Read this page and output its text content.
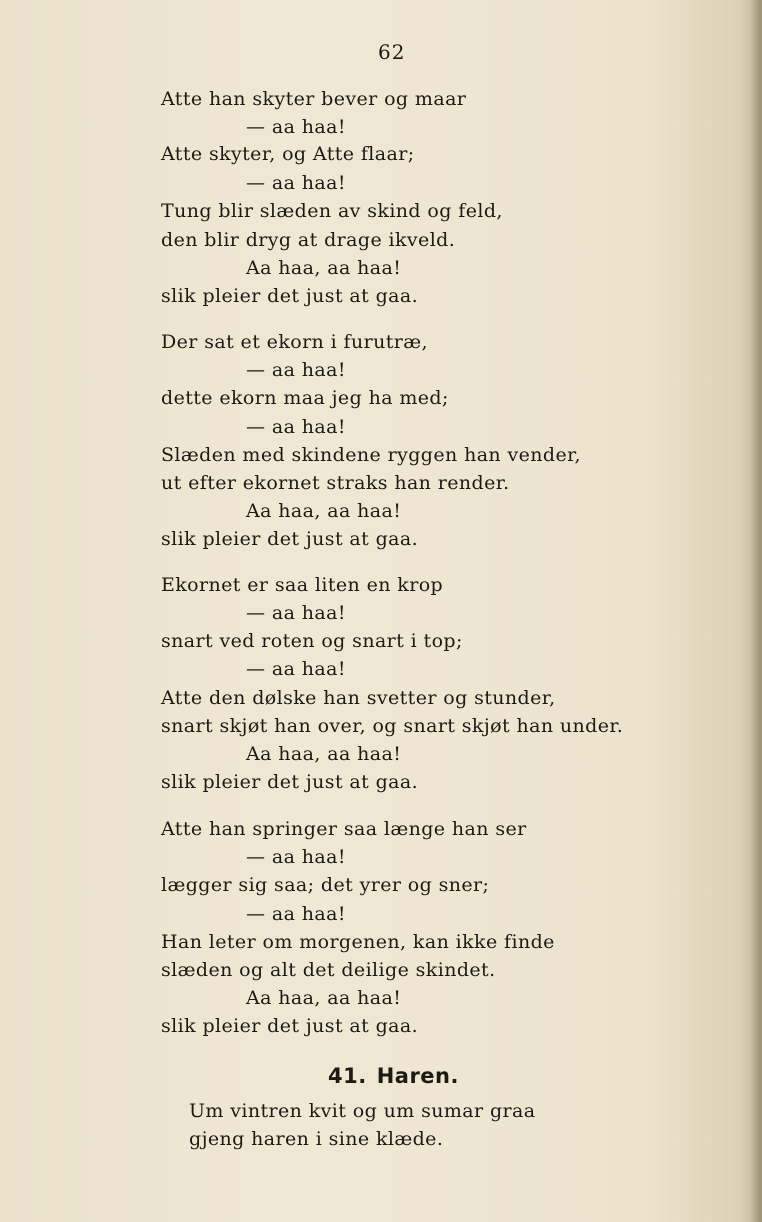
62
Atte han skyter bever og maar
— aa haa!
Atte skyter, og Atte flaar;
— aa haa!
Tung blir slæden av skind og feld,
den blir dryg at drage ikveld.
Aa haa, aa haa!
slik pleier det just at gaa.
Der sat et ekorn i furutræ,
— aa haa!
dette ekorn maa jeg ha med;
— aa haa!
Slæden med skindene ryggen han vender,
ut efter ekornet straks han render.
Aa haa, aa haa!
slik pleier det just at gaa.
Ekornet er saa liten en krop
— aa haa!
snart ved roten og snart i top;
— aa haa!
Atte den dølske han svetter og stunder,
snart skjøt han over, og snart skjøt han under.
Aa haa, aa haa!
slik pleier det just at gaa.
Atte han springer saa længe han ser
— aa haa!
lægger sig saa; det yrer og sner;
— aa haa!
Han leter om morgenen, kan ikke finde
slæden og alt det deilige skindet.
Aa haa, aa haa!
slik pleier det just at gaa.
41. Haren.
Um vintren kvit og um sumar graa
gjeng haren i sine klæde.
